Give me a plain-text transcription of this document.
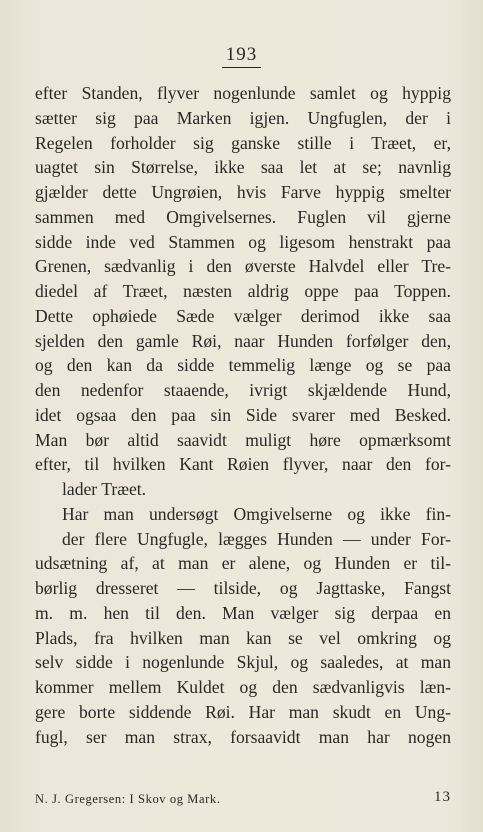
193
efter Standen, flyver nogenlunde samlet og hyppig
sætter sig paa Marken igjen. Ungfuglen, der i
Regelen forholder sig ganske stille i Træet, er,
uagtet sin Størrelse, ikke saa let at se; navnlig
gjælder dette Ungrøien, hvis Farve hyppig smelter
sammen med Omgivelsernes. Fuglen vil gjerne
sidde inde ved Stammen og ligesom henstrakt paa
Grenen, sædvanlig i den øverste Halvdel eller Tre-
diedel af Træet, næsten aldrig oppe paa Toppen.
Dette ophøiede Sæde vælger derimod ikke saa
sjelden den gamle Røi, naar Hunden forfølger den,
og den kan da sidde temmelig længe og se paa
den nedenfor staaende, ivrigt skjældende Hund,
idet ogsaa den paa sin Side svarer med Besked.
Man bør altid saavidt muligt høre opmærksomt
efter, til hvilken Kant Røien flyver, naar den for-
lader Træet.
Har man undersøgt Omgivelserne og ikke fin-
der flere Ungfugle, lægges Hunden — under For-
udsætning af, at man er alene, og Hunden er til-
børlig dresseret — tilside, og Jagttaske, Fangst
m. m. hen til den. Man vælger sig derpaa en
Plads, fra hvilken man kan se vel omkring og
selv sidde i nogenlunde Skjul, og saaledes, at man
kommer mellem Kuldet og den sædvanligvis læn-
gere borte siddende Røi. Har man skudt en Ung-
fugl, ser man strax, forsaavidt man har nogen
N. J. Gregersen: I Skov og Mark.	13
